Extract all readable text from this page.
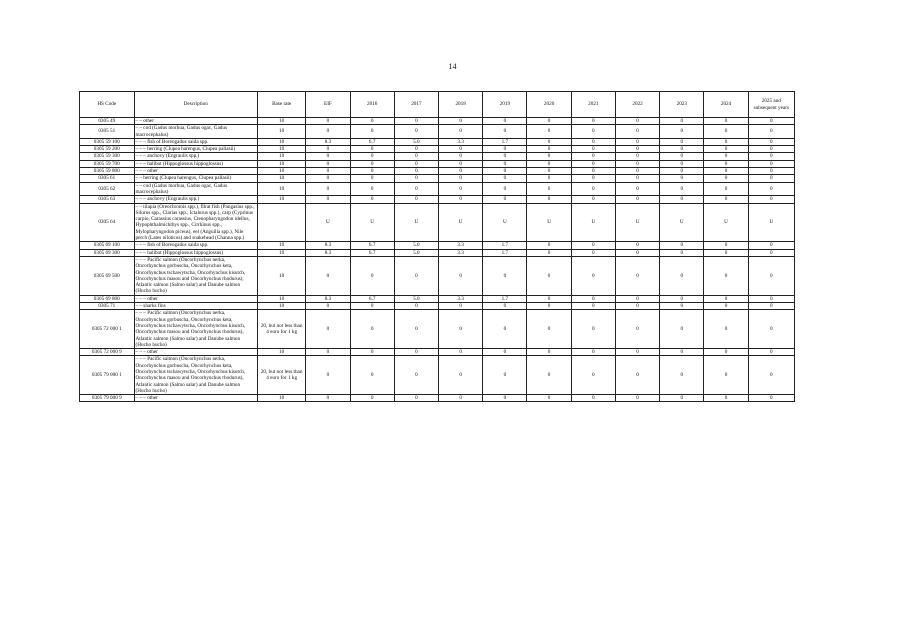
14
HS Code	Description	Base rate	EIF	2016	2017	2018	2019	2020	2021	2022	2023	2024	2025 and subsequent years
0305 49	– – other	10	0	0	0	0	0	0	0	0	0	0	0
0305 51	– – cod (Gadus morhua, Gadus ogac, Gadus macrocephalus)	10	0	0	0	0	0	0	0	0	0	0	0
0305 59 100	– – – fish of Boreogadus saida spp.	10	8.3	6.7	5.0	3.3	1.7	0	0	0	0	0	0
0305 59 200	– – – herring (Clupea harengus, Clupea pallasii)	10	0	0	0	0	0	0	0	0	0	0	0
0305 59 300	– – – anchovy (Engraulis spp.)	10	0	0	0	0	0	0	0	0	0	0	0
0305 59 700	– – – halibut (Hippoglossus hippoglossus)	10	0	0	0	0	0	0	0	0	0	0	0
0305 59 800	– – – other	10	0	0	0	0	0	0	0	0	0	0	0
0305 61	– – herring (Clupea harengus, Clupea pallasii)	10	0	0	0	0	0	0	0	0	0	0	0
0305 62	– – cod (Gadus morhua, Gadus ogac, Gadus macrocephalus)	10	0	0	0	0	0	0	0	0	0	0	0
0305 63	– – – anchovy (Engraulis spp.)	10	0	0	0	0	0	0	0	0	0	0	0
0305 64	– – tilapia (Oreochromis spp.), fllrat fish (Pangasius spp., Silurus spp., Clarias spp., Ictalurus spp.), carp (Cyprinus carpio, Carassius carassius, Ctenopharyngodon idellus, Hypophthalmichthys spp., Cirrhinus spp., Mylopharyngodon piceus), eel (Anguilla spp.), Nile perch (Lates niloticus) and snakehead (Channa spp.)		U	U	U	U	U	U	U	U	U	U	U
0305 69 100	– – – fish of Boreogadus saida spp.	10	8.3	6.7	5.0	3.3	1.7	0	0	0	0	0	0
0305 69 300	– – – halibut (Hippoglossus hippoglossus)	10	8.3	6.7	5.0	3.3	1.7	0	0	0	0	0	0
0305 69 500	– – – Pacific salmon (Oncorhynchus nerka, Oncorhynchus gorbuscha, Oncorhynchus keta, Oncorhynchus tschawytscha, Oncorhynchus kisutch, Oncorhynchus masou and Oncorhynchus rhodurus), Atlantic salmon (Salmo salar) and Danube salmon (Hucho hucho)	10	0	0	0	0	0	0	0	0	0	0	0
0305 69 800	– – – other	10	8.3	6.7	5.0	3.3	1.7	0	0	0	0	0	0
0305 71	– – sharks fins	10	0	0	0	0	0	0	0	0	0	0	0
0305 72 000 1	– – – Pacific salmon (Oncorhynchus nerka, Oncorhynchus gorbuscha, Oncorhynchus keta, Oncorhynchus tschawytscha, Oncorhynchus kisutch, Oncorhynchus masou and Oncorhynchus rhodurus), Atlantic salmon (Salmo salar) and Danube salmon (Hucho hucho)	20, but not less than 4 euro for 1 kg	0	0	0	0	0	0	0	0	0	0	0
0305 72 000 9	– – – other	10	0	0	0	0	0	0	0	0	0	0	0
0305 79 000 1	– – – Pacific salmon (Oncorhynchus nerka, Oncorhynchus gorbuscha, Oncorhynchus keta, Oncorhynchus tschawytscha, Oncorhynchus kisutch, Oncorhynchus masou and Oncorhynchus rhodurus), Atlantic salmon (Salmo salar) and Danube salmon (Hucho hucho)	20, but not less than 4 euro for 1 kg	0	0	0	0	0	0	0	0	0	0	0
0305 79 000 9	– – – other	10	0	0	0	0	0	0	0	0	0	0	0
